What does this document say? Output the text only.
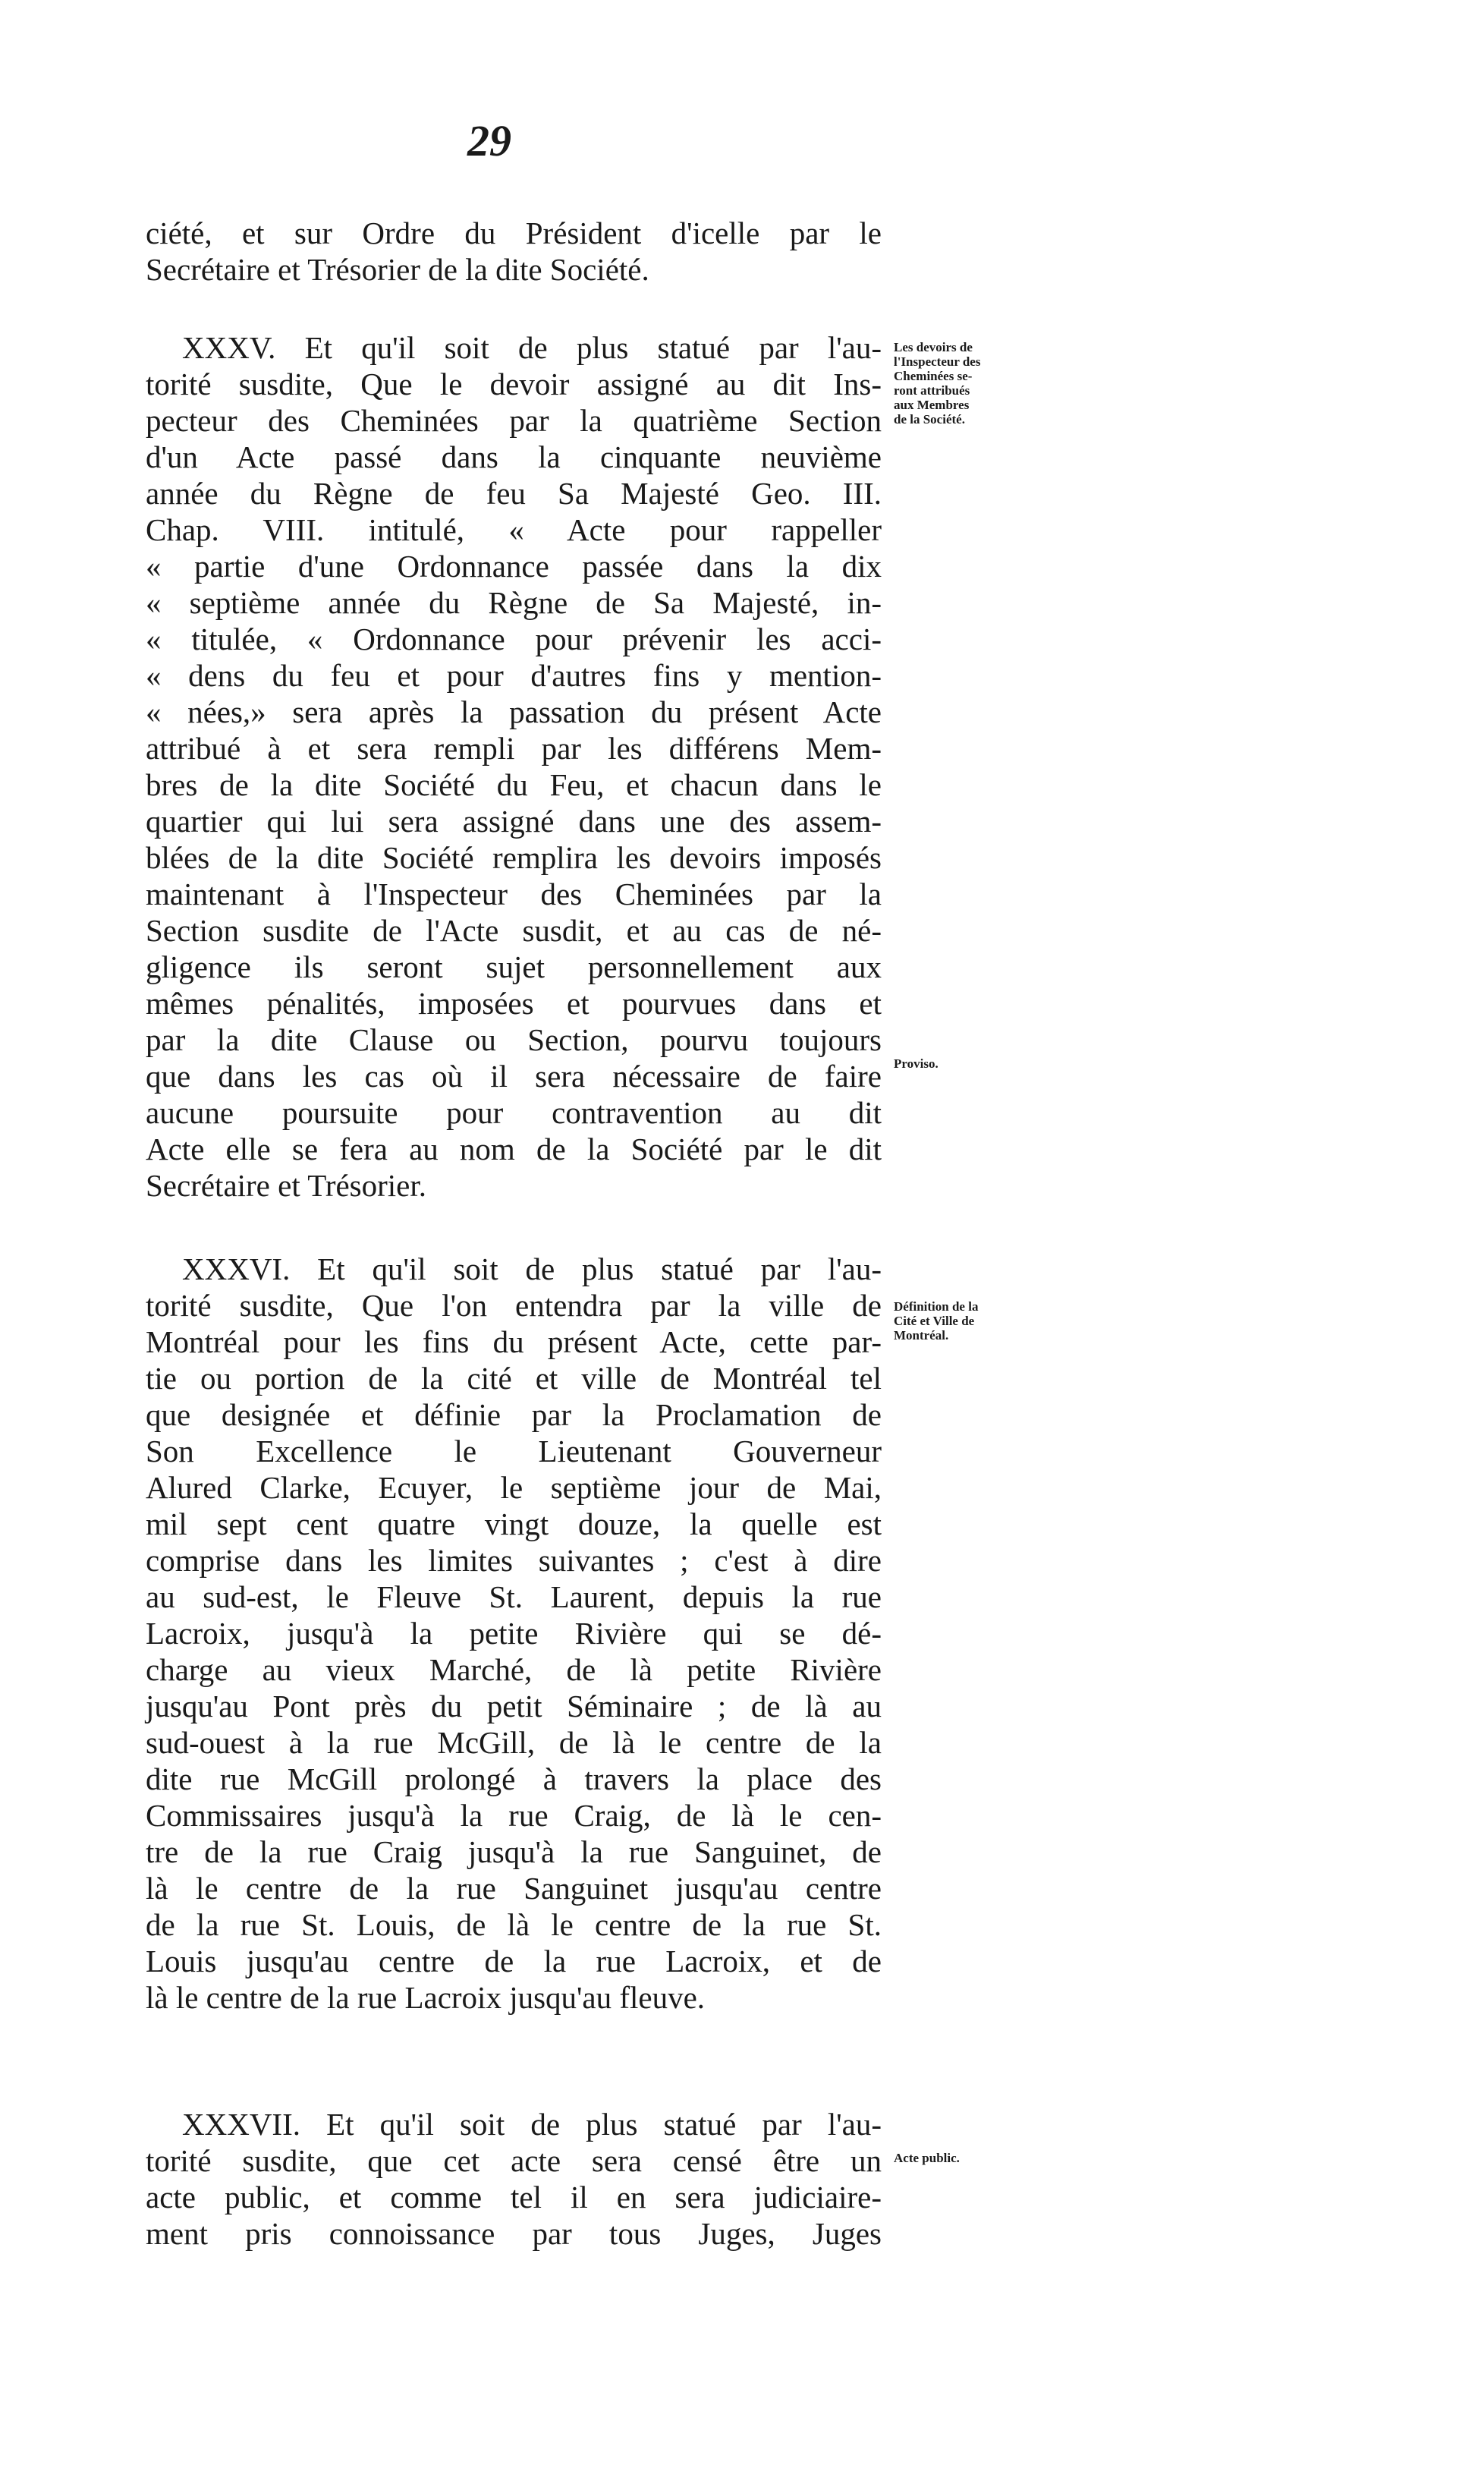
29
ciété, et sur Ordre du Président d'icelle par le
Secrétaire et Trésorier de la dite Société.
XXXV. Et qu'il soit de plus statué par l'au-
torité susdite, Que le devoir assigné au dit Ins-
pecteur des Cheminées par la quatrième Section
d'un Acte passé dans la cinquante neuvième
année du Règne de feu Sa Majesté Geo. III.
Chap. VIII. intitulé, « Acte pour rappeller
« partie d'une Ordonnance passée dans la dix
« septième année du Règne de Sa Majesté, in-
« titulée, « Ordonnance pour prévenir les acci-
« dens du feu et pour d'autres fins y mention-
« nées,» sera après la passation du présent Acte
attribué à et sera rempli par les différens Mem-
bres de la dite Société du Feu, et chacun dans le
quartier qui lui sera assigné dans une des assem-
blées de la dite Société remplira les devoirs imposés
maintenant à l'Inspecteur des Cheminées par la
Section susdite de l'Acte susdit, et au cas de né-
gligence ils seront sujet personnellement aux
mêmes pénalités, imposées et pourvues dans et
par la dite Clause ou Section, pourvu toujours
que dans les cas où il sera nécessaire de faire
aucune poursuite pour contravention au dit
Acte elle se fera au nom de la Société par le dit
Secrétaire et Trésorier.
Les devoirs de
l'Inspecteur des
Cheminées se-
ront attribués
aux Membres
de la Société.
Proviso.
XXXVI. Et qu'il soit de plus statué par l'au-
torité susdite, Que l'on entendra par la ville de
Montréal pour les fins du présent Acte, cette par-
tie ou portion de la cité et ville de Montréal tel
que designée et définie par la Proclamation de
Son Excellence le Lieutenant Gouverneur
Alured Clarke, Ecuyer, le septième jour de Mai,
mil sept cent quatre vingt douze, la quelle est
comprise dans les limites suivantes ; c'est à dire
au sud-est, le Fleuve St. Laurent, depuis la rue
Lacroix, jusqu'à la petite Rivière qui se dé-
charge au vieux Marché, de là petite Rivière
jusqu'au Pont près du petit Séminaire ; de là au
sud-ouest à la rue McGill, de là le centre de la
dite rue McGill prolongé à travers la place des
Commissaires jusqu'à la rue Craig, de là le cen-
tre de la rue Craig jusqu'à la rue Sanguinet, de
là le centre de la rue Sanguinet jusqu'au centre
de la rue St. Louis, de là le centre de la rue St.
Louis jusqu'au centre de la rue Lacroix, et de
là le centre de la rue Lacroix jusqu'au fleuve.
Définition de la
Cité et Ville de
Montréal.
XXXVII. Et qu'il soit de plus statué par l'au-
torité susdite, que cet acte sera censé être un
acte public, et comme tel il en sera judiciaire-
ment pris connoissance par tous Juges, Juges
Acte public.
